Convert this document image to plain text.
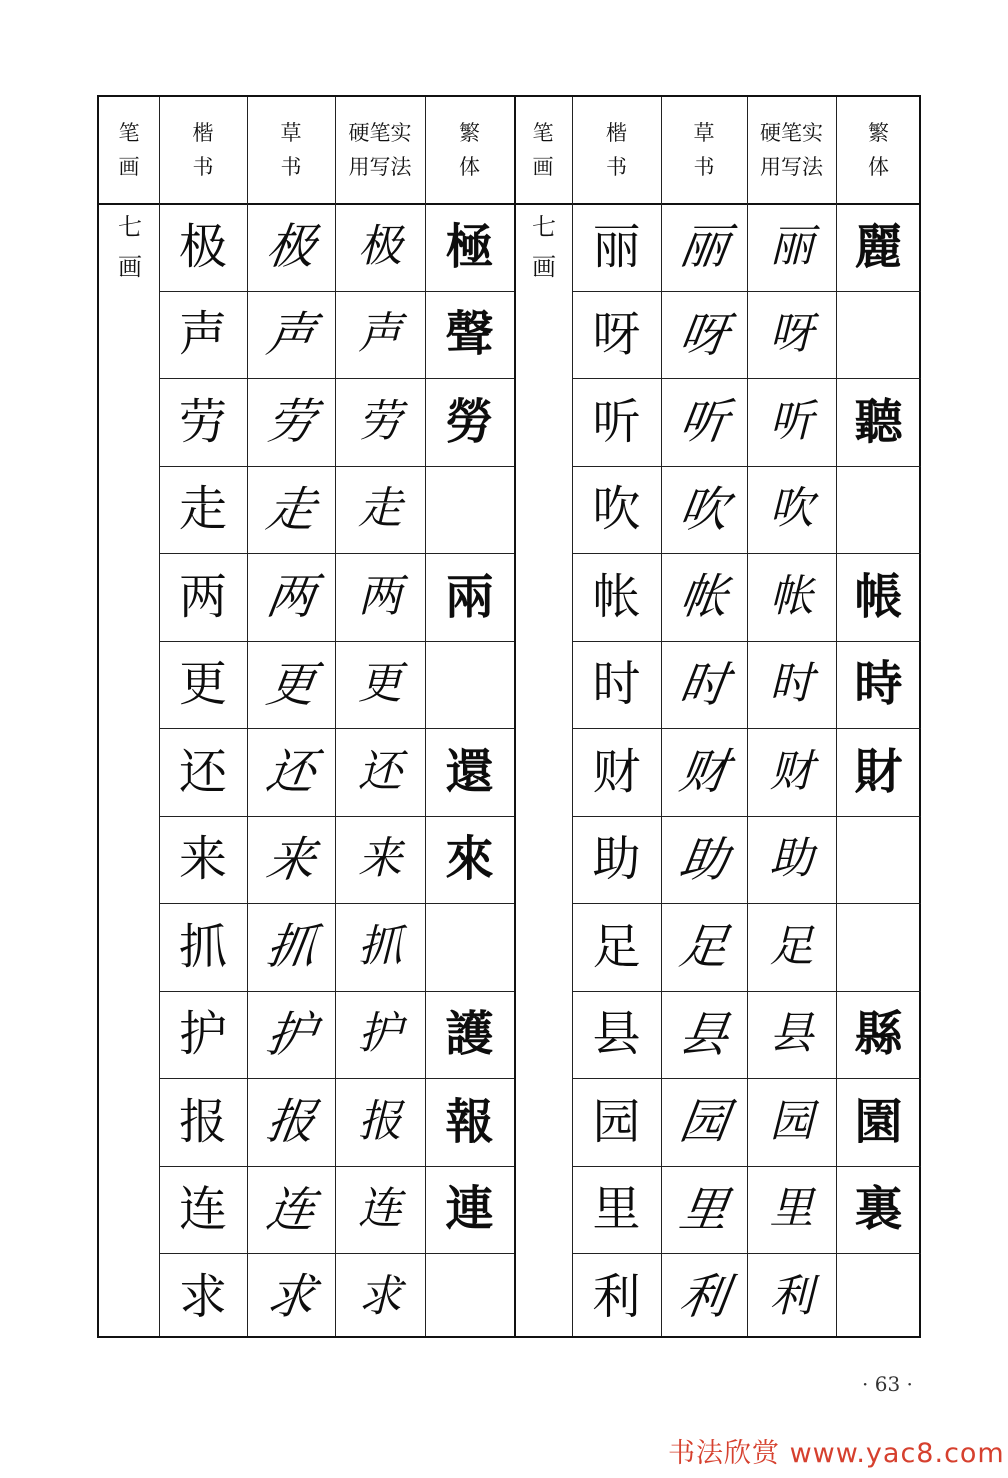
笔
画
楷
书
草
书
硬笔实
用写法
繁
体
七
画 极 极 极 極
声 声 声 聲
劳 劳 劳 勞
走 走 走
两 两 两 兩
更 更 更
还 还 还 還
来 来 来 來
抓 抓 抓
护 护 护 護
报 报 报 報
连 连 连 連
求 求 求
笔
画
楷
书
草
书
硬笔实
用写法
繁
体
七
画 丽 丽 丽 麗
呀 呀 呀
听 听 听 聽
吹 吹 吹
帐 帐 帐 帳
时 时 时 時
财 财 财 財
助 助 助
足 足 足
县 县 县 縣
园 园 园 園
里 里 里 裏
利 利 利
· 63 ·
书法欣赏 www.yac8.com
